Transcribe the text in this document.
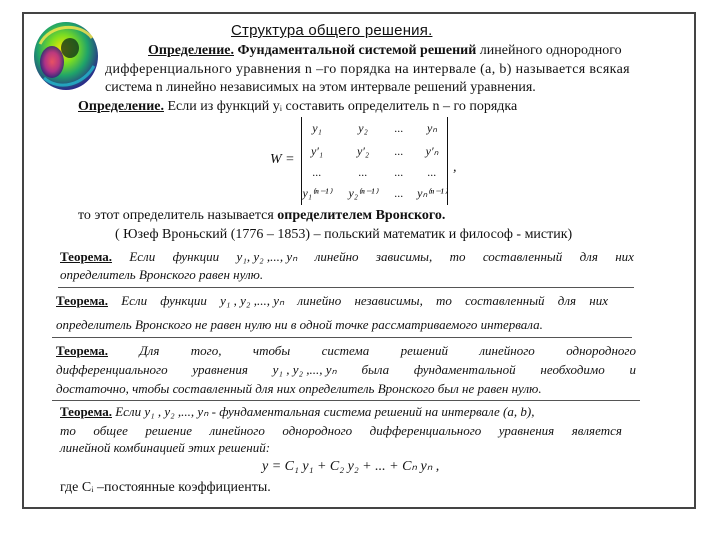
Структура общего решения.
Определение. Фундаментальной системой решений линейного однородного
дифференциального уравнения n –го порядка на интервале (a, b) называется всякая
система n линейно независимых на этом интервале решений уравнения.
Определение. Если из функций yᵢ составить определитель n – го порядка
W =
,
y₁	y₂	...	yₙ
y′₁	y′₂	...	y′ₙ
...	...	...	...
y₁⁽ⁿ⁻¹⁾ y₂⁽ⁿ⁻¹⁾	...	yₙ⁽ⁿ⁻¹⁾
то этот определитель называется определителем Вронского.
( Юзеф Вроньский (1776 – 1853) – польский математик и философ - мистик)
Теорема. Если функции y₁, y₂ ,..., yₙ линейно зависимы, то составленный для них
определитель Вронского равен нулю.
Теорема. Если функции y₁ , y₂ ,..., yₙ линейно независимы, то составленный для них
определитель Вронского не равен нулю ни в одной точке рассматриваемого интервала.
Теорема. Для того, чтобы система решений линейного однородного
дифференциального уравнения y₁ , y₂ ,..., yₙ была фундаментальной необходимо и
достаточно, чтобы составленный для них определитель Вронского был не равен нулю.
Теорема. Если y₁ , y₂ ,..., yₙ - фундаментальная система решений на интервале (a, b),
то общее решение линейного однородного дифференциального уравнения является
линейной комбинацией этих решений:
y = C₁ y₁ + C₂ y₂ + ... + Cₙ yₙ ,
где Cᵢ –постоянные коэффициенты.
